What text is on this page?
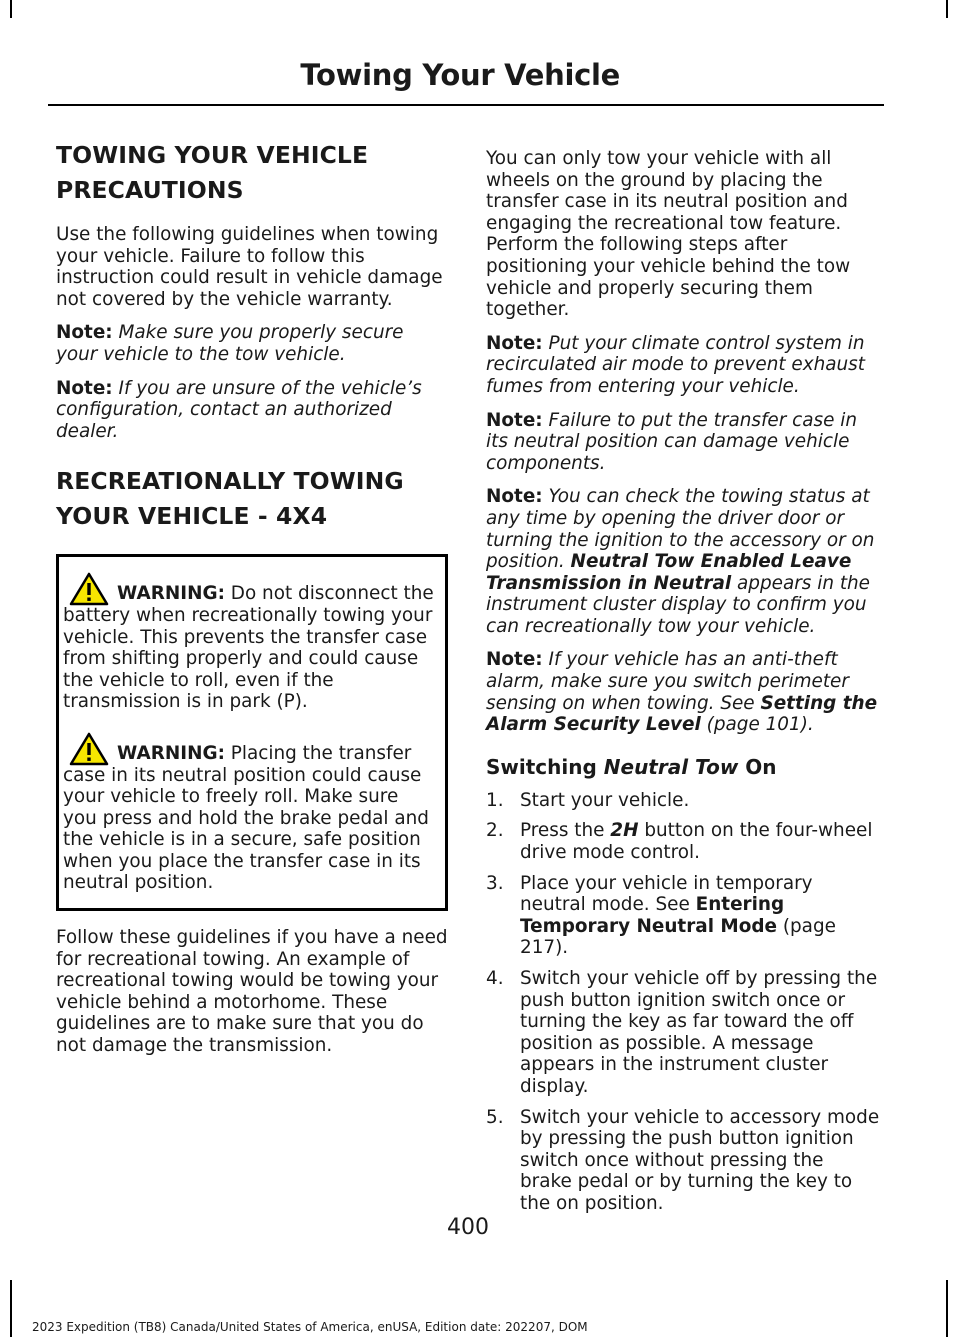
Towing Your Vehicle
TOWING YOUR VEHICLE
PRECAUTIONS

Use the following guidelines when towing your vehicle. Failure to follow this instruction could result in vehicle damage not covered by the vehicle warranty.

Note: Make sure you properly secure your vehicle to the tow vehicle.

Note: If you are unsure of the vehicle’s configuration, contact an authorized dealer.

RECREATIONALLY TOWING
YOUR VEHICLE - 4X4

WARNING: Do not disconnect the battery when recreationally towing your vehicle. This prevents the transfer case from shifting properly and could cause the vehicle to roll, even if the transmission is in park (P).

WARNING: Placing the transfer case in its neutral position could cause your vehicle to freely roll. Make sure you press and hold the brake pedal and the vehicle is in a secure, safe position when you place the transfer case in its neutral position.

Follow these guidelines if you have a need for recreational towing. An example of recreational towing would be towing your vehicle behind a motorhome. These guidelines are to make sure that you do not damage the transmission.

You can only tow your vehicle with all wheels on the ground by placing the transfer case in its neutral position and engaging the recreational tow feature. Perform the following steps after positioning your vehicle behind the tow vehicle and properly securing them together.

Note: Put your climate control system in recirculated air mode to prevent exhaust fumes from entering your vehicle.

Note: Failure to put the transfer case in its neutral position can damage vehicle components.

Note: You can check the towing status at any time by opening the driver door or turning the ignition to the accessory or on position. Neutral Tow Enabled Leave Transmission in Neutral appears in the instrument cluster display to confirm you can recreationally tow your vehicle.

Note: If your vehicle has an anti-theft alarm, make sure you switch perimeter sensing on when towing. See Setting the Alarm Security Level (page 101).

Switching Neutral Tow On
1. Start your vehicle.
2. Press the 2H button on the four-wheel drive mode control.
3. Place your vehicle in temporary neutral mode. See Entering Temporary Neutral Mode (page 217).
4. Switch your vehicle off by pressing the push button ignition switch once or turning the key as far toward the off position as possible. A message appears in the instrument cluster display.
5. Switch your vehicle to accessory mode by pressing the push button ignition switch once without pressing the brake pedal or by turning the key to the on position.
400
2023 Expedition (TB8) Canada/United States of America, enUSA, Edition date: 202207, DOM
